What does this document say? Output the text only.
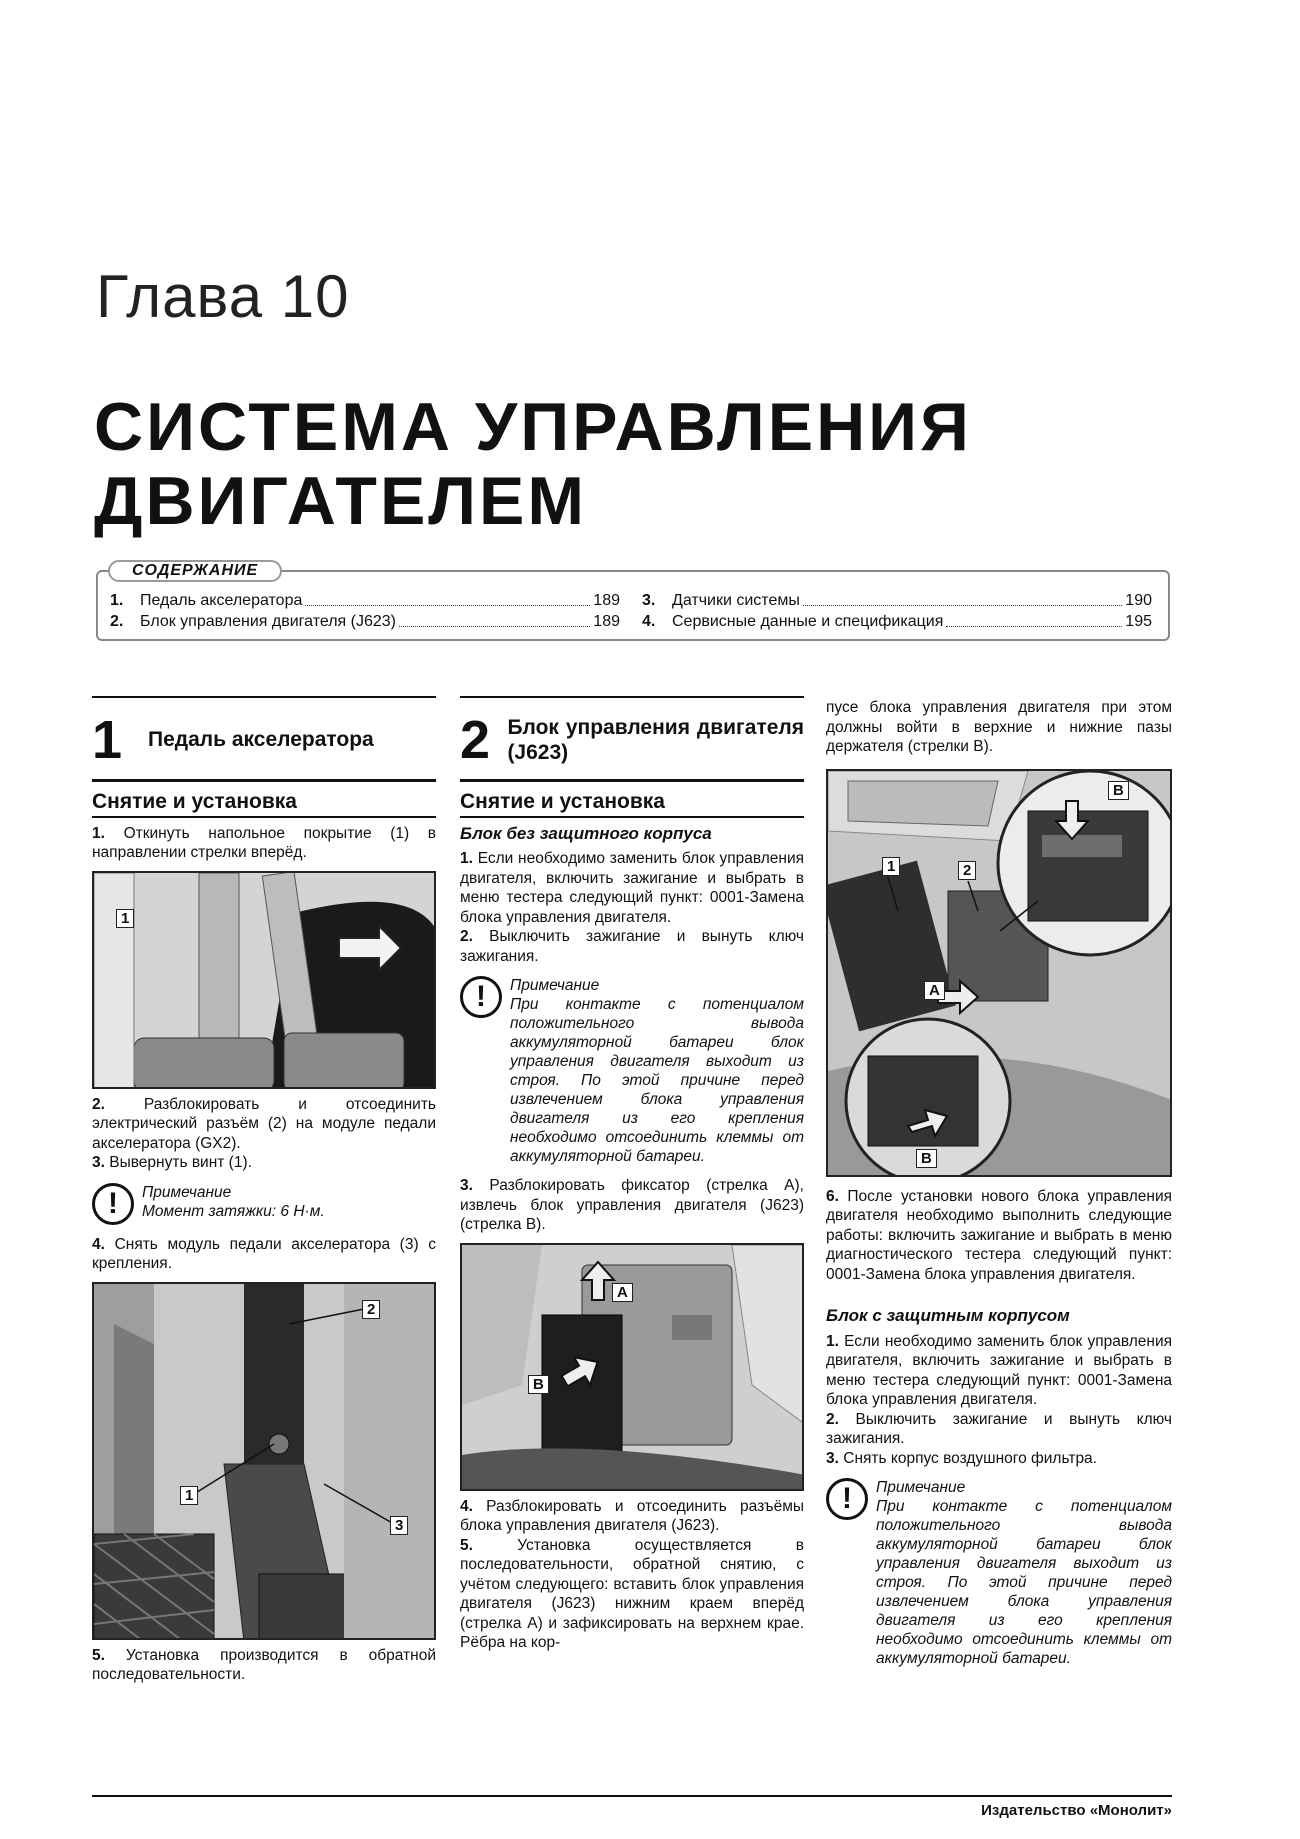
Глава 10
СИСТЕМА УПРАВЛЕНИЯ
ДВИГАТЕЛЕМ
СОДЕРЖАНИЕ
1.	Педаль акселератора	189
2.	Блок управления двигателя (J623)	189
3.	Датчики системы	190
4.	Сервисные данные и спецификация	195
1	Педаль акселератора
Снятие и установка
1. Откинуть напольное покрытие (1) в направлении стрелки вперёд.
1
2.	Разблокировать и отсоединить электрический разъём (2) на модуле педали акселератора (GX2).
3. Вывернуть винт (1).
!	Примечание
Момент затяжки: 6 Н·м.
4. Снять модуль педали акселератора (3) с крепления.
2
1
3
5. Установка производится в обратной последовательности.
2 Блок управления двигателя (J623)
Снятие и установка
Блок без защитного корпуса
1. Если необходимо заменить блок управления двигателя, включить зажигание и выбрать в меню тестера следующий пункт: 0001-Замена блока управления двигателя.
2. Выключить зажигание и вынуть ключ зажигания.
!	Примечание
При контакте с потенциалом положительного вывода аккумуляторной батареи блок управления двигателя выходит из строя. По этой причине перед извлечением блока управления двигателя из его крепления необходимо отсоединить клеммы от аккумуляторной батареи.
3. Разблокировать фиксатор (стрелка А), извлечь блок управления двигателя (J623) (стрелка В).
A
B
4. Разблокировать и отсоединить разъёмы блока управления двигателя (J623).
5.	Установка осуществляется в последовательности, обратной снятию, с учётом следующего: вставить блок управления двигателя (J623) нижним краем вперёд (стрелка А) и зафиксировать на верхнем крае. Рёбра на кор-
пусе блока управления двигателя при этом должны войти в верхние и нижние пазы держателя (стрелки В).
B
1	2
A
B
6. После установки нового блока управления двигателя необходимо выполнить следующие работы: включить зажигание и выбрать в меню диагностического тестера следующий пункт: 0001-Замена блока управления двигателя.
Блок с защитным корпусом
1. Если необходимо заменить блок управления двигателя, включить зажигание и выбрать в меню тестера следующий пункт: 0001-Замена блока управления двигателя.
2. Выключить зажигание и вынуть ключ зажигания.
3. Снять корпус воздушного фильтра.
!	Примечание
При контакте с потенциалом положительного вывода аккумуляторной батареи блок управления двигателя выходит из строя. По этой причине перед извлечением блока управления двигателя из его крепления необходимо отсоединить клеммы от аккумуляторной батареи.
Издательство «Монолит»
